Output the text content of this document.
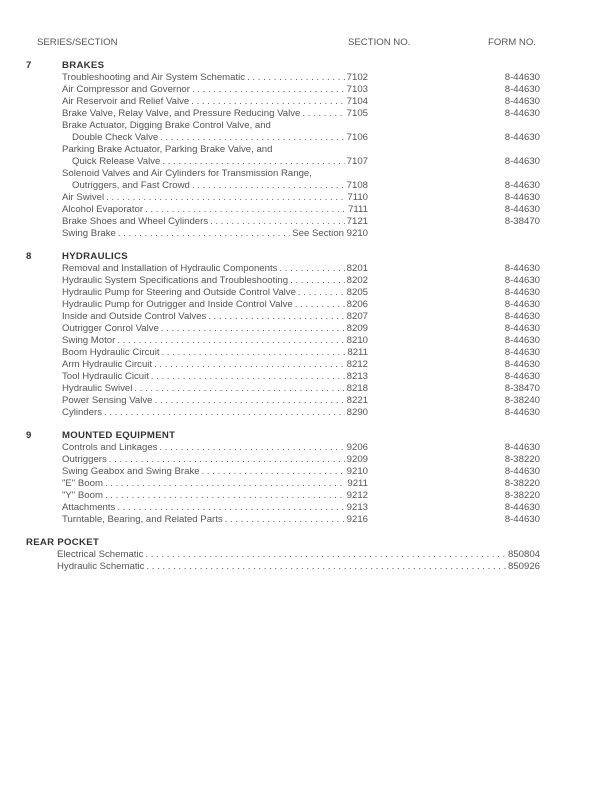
SERIES/SECTION	SECTION NO.	FORM NO.
7	BRAKES
Troubleshooting and Air System Schematic . . .	7102	8-44630
Air Compressor and Governor . . .	7103	8-44630
Air Reservoir and Relief Valve . . .	7104	8-44630
Brake Valve, Relay Valve, and Pressure Reducing Valve . . .	7105	8-44630
Brake Actuator, Digging Brake Control Valve, and
Double Check Valve . . .	7106	8-44630
Parking Brake Actuator, Parking Brake Valve, and
Quick Release Valve . . .	7107	8-44630
Solenoid Valves and Air Cylinders for Transmission Range,
Outriggers, and Fast Crowd . . .	7108	8-44630
Air Swivel . . .	7110	8-44630
Alcohol Evaporator . . .	7111	8-44630
Brake Shoes and Wheel Cylinders . . .	7121	8-38470
Swing Brake . . .	See Section 9210
8	HYDRAULICS
Removal and Installation of Hydraulic Components . . .	8201	8-44630
Hydraulic System Specifications and Troubleshooting . . .	8202	8-44630
Hydraulic Pump for Steering and Outside Control Valve . . .	8205	8-44630
Hydraulic Pump for Outrigger and Inside Control Valve . . .	8206	8-44630
Inside and Outside Control Valves . . .	8207	8-44630
Outrigger Conrol Valve . . .	8209	8-44630
Swing Motor . . .	8210	8-44630
Boom Hydraulic Circuit . . .	8211	8-44630
Arm Hydraulic Circuit . . .	8212	8-44630
Tool Hydraulic Cicuit . . .	8213	8-44630
Hydraulic Swivel . . .	8218	8-38470
Power Sensing Valve . . .	8221	8-38240
Cylinders . . .	8290	8-44630
9	MOUNTED EQUIPMENT
Controls and Linkages . . .	9206	8-44630
Outriggers . . .	9209	8-38220
Swing Geabox and Swing Brake . . .	9210	8-44630
"E" Boom . . .	9211	8-38220
"Y" Boom . . .	9212	8-38220
Attachments . . .	9213	8-44630
Turntable, Bearing, and Related Parts . . .	9216	8-44630
REAR POCKET
Electrical Schematic . . .	850804
Hydraulic Schematic . . .	850926
